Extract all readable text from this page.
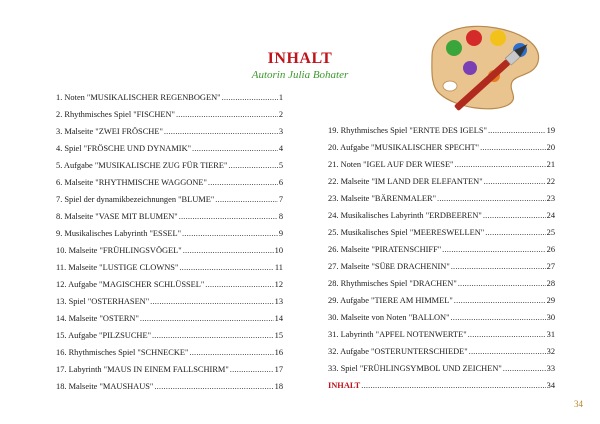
INHALT
Autorin Julia Bohater
1. Noten "MUSIKALISCHER REGENBOGEN" .....	1
2. Rhythmisches Spiel "FISCHEN" .....	2
3. Malseite "ZWEI FRÖSCHE" .....	3
4. Spiel "FRÖSCHE UND DYNAMIK" .....	4
5. Aufgabe "MUSIKALISCHE ZUG FÜR TIERE" .....	5
6. Malseite "RHYTHMISCHE WAGGONE" .....	6
7. Spiel der dynamikbezeichnungen "BLUME" .....	7
8. Malseite "VASE MIT BLUMEN" .....	8
9. Musikalisches Labyrinth "ESSEL" .....	9
10. Malseite "FRÜHLINGSVÖGEL" .....	10
11. Malseite "LUSTIGE CLOWNS" .....	11
12. Aufgabe "MAGISCHER SCHLÜSSEL" .....	12
13. Spiel "OSTERHASEN" .....	13
14. Malseite "OSTERN" .....	14
15. Aufgabe "PILZSUCHE" .....	15
16. Rhythmisches Spiel "SCHNECKE" .....	16
17. Labyrinth "MAUS IN EINEM FALLSCHIRM" .....	17
18. Malseite "MAUSHAUS" .....	18
19. Rhythmisches Spiel "ERNTE DES IGELS" .....	19
20. Aufgabe "MUSIKALISCHER SPECHT" .....	20
21. Noten "IGEL AUF DER WIESE" .....	21
22. Malseite "IM LAND DER ELEFANTEN" .....	22
23. Malseite "BÄRENMALER" .....	23
24. Musikalisches Labyrinth "ERDBEEREN" .....	24
25. Musikalisches Spiel "MEERESWELLEN" .....	25
26. Malseite "PIRATENSCHIFF" .....	26
27. Malseite "SÜßE DRACHENIN" .....	27
28. Rhythmisches Spiel "DRACHEN" .....	28
29. Aufgabe "TIERE AM HIMMEL" .....	29
30. Malseite von Noten "BALLON" .....	30
31. Labyrinth "APFEL NOTENWERTE" .....	31
32. Aufgabe "OSTERUNTERSCHIEDE" .....	32
33. Spiel "FRÜHLINGSYMBOL UND ZEICHEN" .....	33
INHALT .....	34
34
